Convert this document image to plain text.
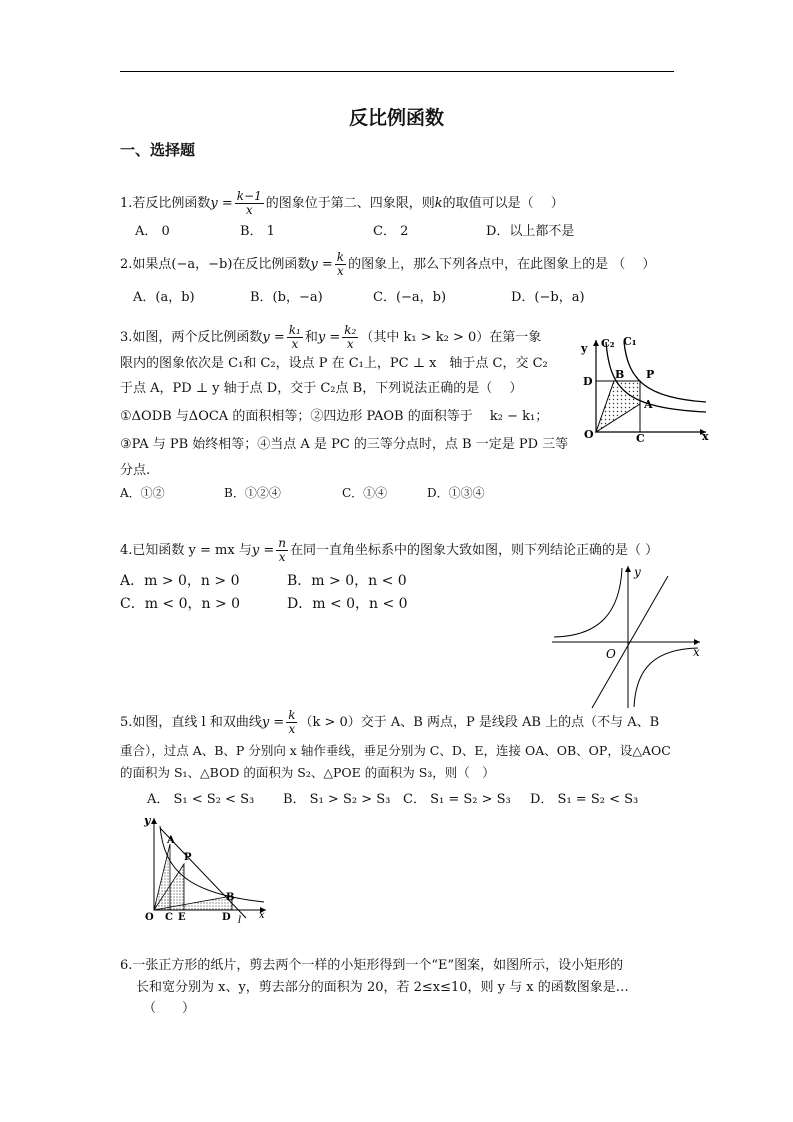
反比例函数
一、选择题
1.若反比例函数$y = \frac{k-1}{x}$ 的图象位于第二、四象限，则k的取值可以是（　 ）
A． 0	B． 1	C． 2	D．以上都不是
2.如果点(−a，−b)在反比例函数$y = \frac{k}{x}$ 的图象上，那么下列各点中，在此图象上的是 （　 ）
A．(a，b)	B．(b，−a)	C．(−a，b)	D．(−b，a)
3.如图，两个反比例函数$y = \frac{\text{k₁}}{x}$ 和$y = \frac{\text{k₂}}{x}$ （其中 k₁ > k₂ > 0）在第一象
限内的图象依次是 C₁和 C₂，设点 P 在 C₁上，PC ⊥ x　轴于点 C，交 C₂
于点 A，PD ⊥ y 轴于点 D，交于 C₂点 B，下列说法正确的是（　 ）
①ΔODB 与ΔOCA 的面积相等；②四边形 PAOB 的面积等于　 k₂ − k₁；
③PA 与 PB 始终相等；④当点 A 是 PC 的三等分点时，点 B 一定是 PD 三等
分点.
A．①②	B．①②④	C．①④	D．①③④
C₂ C₁
y
D
B P
A
O	C	x
4.已知函数 y = mx 与$y = \frac{n}{x}$ 在同一直角坐标系中的图象大致如图，则下列结论正确的是（ ）
A．m > 0，n > 0	B．m > 0，n < 0
C．m < 0，n > 0	D．m < 0，n < 0
y
x
O
5.如图，直线 l 和双曲线$y = \frac{k}{x} (k > 0)$交于 A、B 两点，P 是线段 AB 上的点（不与 A、B
重合），过点 A、B、P 分别向 x 轴作垂线，垂足分别为 C、D、E，连接 OA、OB、OP，设△AOC
的面积为 S₁、△BOD 的面积为 S₂、△POE 的面积为 S₃，则（　）
A． S₁ < S₂ < S₃ B． S₁ > S₂ > S₃ C． S₁ = S₂ > S₃ D． S₁ = S₂ < S₃
y
A
P
B
O C E	D	x
l
6.一张正方形的纸片，剪去两个一样的小矩形得到一个“E”图案，如图所示，设小矩形的
长和宽分别为 x、y，剪去部分的面积为 20，若 2≤x≤10，则 y 与 x 的函数图象是…
（　　）
